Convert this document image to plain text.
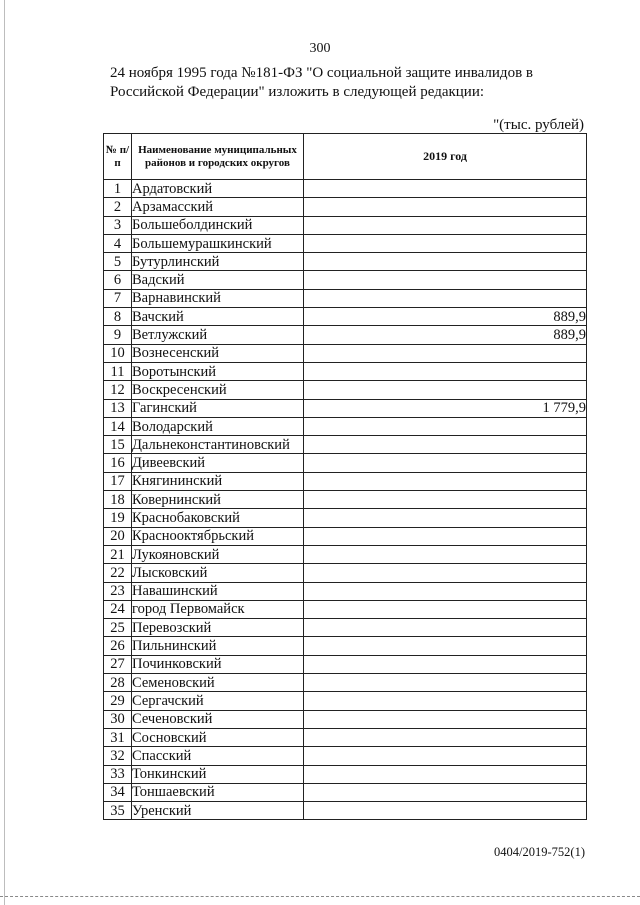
300

24 ноября 1995 года №181-ФЗ "О социальной защите инвалидов в

Российской Федерации" изложить в следующей редакции:

"(тыс. рублей)
№ п/п	Наименование муниципальных районов и городских округов	2019 год
1	Ардатовский	
2	Арзамасский	
3	Большеболдинский	
4	Большемурашкинский	
5	Бутурлинский	
6	Вадский	
7	Варнавинский	
8	Вачский	889,9
9	Ветлужский	889,9
10	Вознесенский	
11	Воротынский	
12	Воскресенский	
13	Гагинский	1 779,9
14	Володарский	
15	Дальнеконстантиновский	
16	Дивеевский	
17	Княгининский	
18	Ковернинский	
19	Краснобаковский	
20	Краснооктябрьский	
21	Лукояновский	
22	Лысковский	
23	Навашинский	
24	город Первомайск	
25	Перевозский	
26	Пильнинский	
27	Починковский	
28	Семеновский	
29	Сергачский	
30	Сеченовский	
31	Сосновский	
32	Спасский	
33	Тонкинский	
34	Тоншаевский	
35	Уренский	
0404/2019-752(1)
